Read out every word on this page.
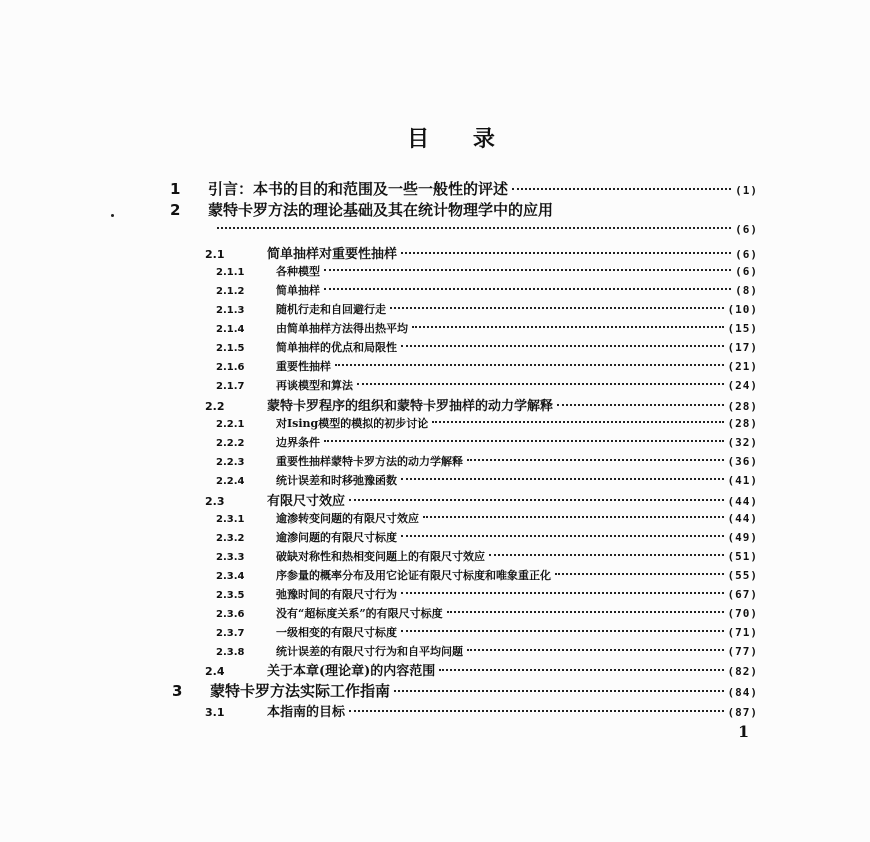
目 录
1	引言：本书的目的和范围及一些一般性的评述	(1)
2	蒙特卡罗方法的理论基础及其在统计物理学中的应用
(6)
2.1	简单抽样对重要性抽样	(6)
2.1.1	各种模型	(6)
2.1.2	简单抽样	(8)
2.1.3	随机行走和自回避行走	(10)
2.1.4	由简单抽样方法得出热平均	(15)
2.1.5	简单抽样的优点和局限性	(17)
2.1.6	重要性抽样	(21)
2.1.7	再谈模型和算法	(24)
2.2	蒙特卡罗程序的组织和蒙特卡罗抽样的动力学解释	(28)
2.2.1	对Ising模型的模拟的初步讨论	(28)
2.2.2	边界条件	(32)
2.2.3	重要性抽样蒙特卡罗方法的动力学解释	(36)
2.2.4	统计误差和时移弛豫函数	(41)
2.3	有限尺寸效应	(44)
2.3.1	逾渗转变问题的有限尺寸效应	(44)
2.3.2	逾渗问题的有限尺寸标度	(49)
2.3.3	破缺对称性和热相变问题上的有限尺寸效应	(51)
2.3.4	序参量的概率分布及用它论证有限尺寸标度和唯象重正化	(55)
2.3.5	弛豫时间的有限尺寸行为	(67)
2.3.6	没有“超标度关系”的有限尺寸标度	(70)
2.3.7	一级相变的有限尺寸标度	(71)
2.3.8	统计误差的有限尺寸行为和自平均问题	(77)
2.4	关于本章(理论章)的内容范围	(82)
3	蒙特卡罗方法实际工作指南	(84)
3.1	本指南的目标	(87)
1
